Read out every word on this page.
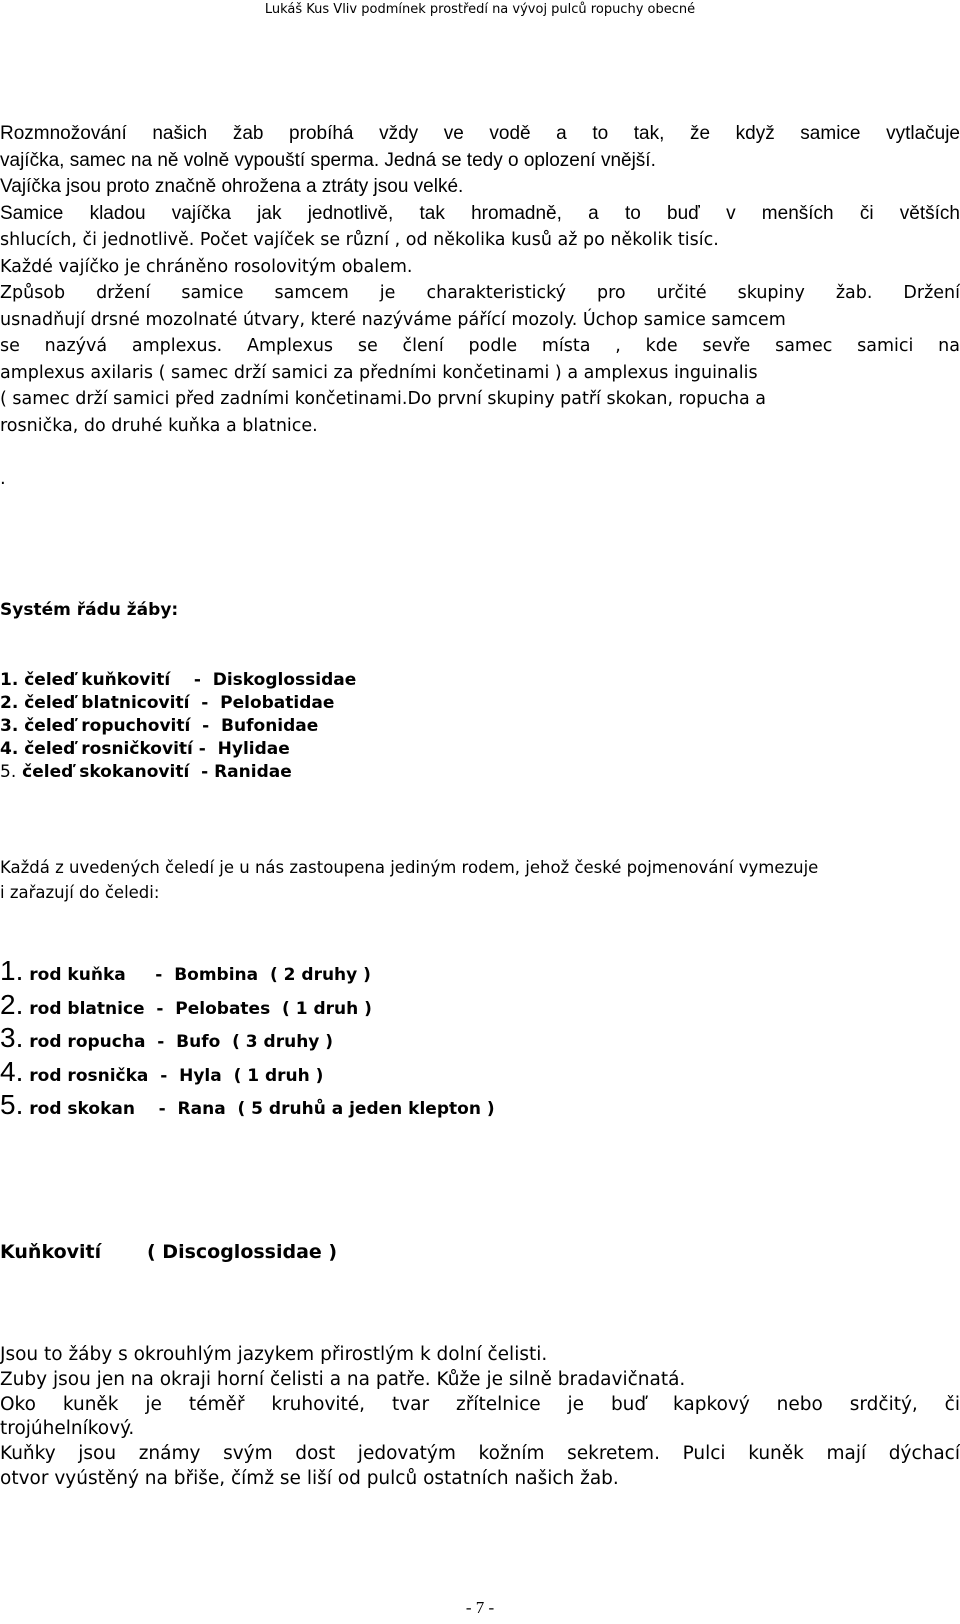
Lukáš Kus Vliv podmínek prostředí na vývoj pulců ropuchy obecné
Rozmnožování našich žab probíhá vždy ve vodě a to tak, že když samice vytlačuje
vajíčka, samec na ně volně vypouští sperma. Jedná se tedy o oplození vnější.
Vajíčka jsou proto značně ohrožena a ztráty jsou velké.
Samice kladou vajíčka jak jednotlivě, tak hromadně, a to buď v menších či větších
shlucích, či jednotlivě. Počet vajíček se různí , od několika kusů až po několik tisíc.
Každé vajíčko je chráněno rosolovitým obalem.
Způsob držení samice samcem je charakteristický pro určité skupiny žab. Držení
usnadňují drsné mozolnaté útvary, které nazýváme pářící mozoly. Úchop samice samcem
se nazývá amplexus. Amplexus se člení podle místa , kde sevře samec samici na
amplexus axilaris ( samec drží samici za předními končetinami ) a amplexus inguinalis
( samec drží samici před zadními končetinami.Do první skupiny patří skokan, ropucha a
rosnička, do druhé kuňka a blatnice.
.
Systém řádu žáby:
1. čeleď kuňkovití    -  Diskoglossidae
2. čeleď blatnicovití  -  Pelobatidae
3. čeleď ropuchovití  -  Bufonidae
4. čeleď rosničkovití -  Hylidae
5. čeleď skokanovití  - Ranidae
Každá z uvedených čeledí je u nás zastoupena jediným rodem, jehož české pojmenování vymezuje
i zařazují do čeledi:
1. rod kuňka     -  Bombina  ( 2 druhy )
2. rod blatnice  -  Pelobates  ( 1 druh )
3. rod ropucha  -  Bufo  ( 3 druhy )
4. rod rosnička  -  Hyla  ( 1 druh )
5. rod skokan    -  Rana  ( 5 druhů a jeden klepton )
Kuňkovití ( Discoglossidae )
Jsou to žáby s okrouhlým jazykem přirostlým k dolní čelisti.
Zuby jsou jen na okraji horní čelisti a na patře. Kůže je silně bradavičnatá.
Oko kuněk je téměř kruhovité, tvar zřítelnice je buď kapkový nebo srdčitý, či
trojúhelníkový.
Kuňky jsou známy svým dost jedovatým kožním sekretem. Pulci kuněk mají dýchací
otvor vyústěný na břiše, čímž se liší od pulců ostatních našich žab.
- 7 -
